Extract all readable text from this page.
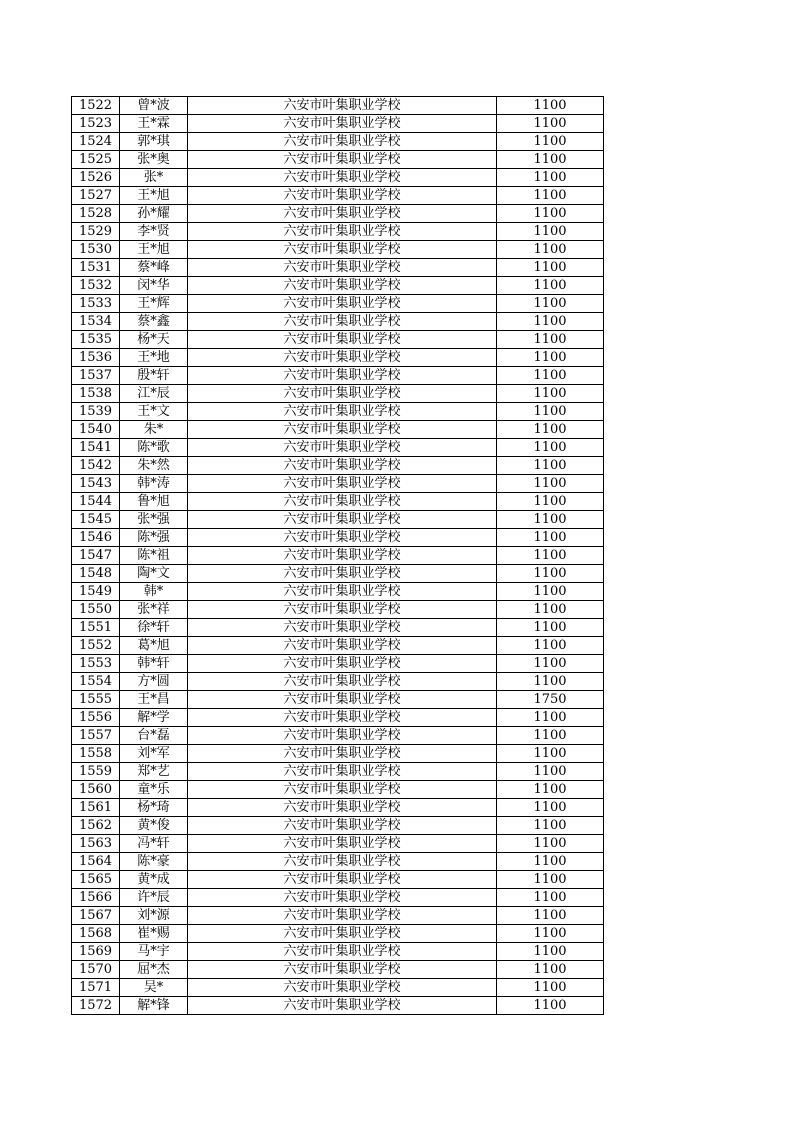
1522	曾*波	六安市叶集职业学校	1100
1523	王*霖	六安市叶集职业学校	1100
1524	郭*琪	六安市叶集职业学校	1100
1525	张*奥	六安市叶集职业学校	1100
1526	张*	六安市叶集职业学校	1100
1527	王*旭	六安市叶集职业学校	1100
1528	孙*耀	六安市叶集职业学校	1100
1529	李*贤	六安市叶集职业学校	1100
1530	王*旭	六安市叶集职业学校	1100
1531	蔡*峰	六安市叶集职业学校	1100
1532	闵*华	六安市叶集职业学校	1100
1533	王*辉	六安市叶集职业学校	1100
1534	蔡*鑫	六安市叶集职业学校	1100
1535	杨*天	六安市叶集职业学校	1100
1536	王*地	六安市叶集职业学校	1100
1537	殷*轩	六安市叶集职业学校	1100
1538	江*辰	六安市叶集职业学校	1100
1539	王*文	六安市叶集职业学校	1100
1540	朱*	六安市叶集职业学校	1100
1541	陈*歌	六安市叶集职业学校	1100
1542	朱*然	六安市叶集职业学校	1100
1543	韩*涛	六安市叶集职业学校	1100
1544	鲁*旭	六安市叶集职业学校	1100
1545	张*强	六安市叶集职业学校	1100
1546	陈*强	六安市叶集职业学校	1100
1547	陈*祖	六安市叶集职业学校	1100
1548	陶*文	六安市叶集职业学校	1100
1549	韩*	六安市叶集职业学校	1100
1550	张*祥	六安市叶集职业学校	1100
1551	徐*轩	六安市叶集职业学校	1100
1552	葛*旭	六安市叶集职业学校	1100
1553	韩*轩	六安市叶集职业学校	1100
1554	方*圆	六安市叶集职业学校	1100
1555	王*昌	六安市叶集职业学校	1750
1556	解*学	六安市叶集职业学校	1100
1557	台*磊	六安市叶集职业学校	1100
1558	刘*军	六安市叶集职业学校	1100
1559	郑*艺	六安市叶集职业学校	1100
1560	童*乐	六安市叶集职业学校	1100
1561	杨*琦	六安市叶集职业学校	1100
1562	黄*俊	六安市叶集职业学校	1100
1563	冯*轩	六安市叶集职业学校	1100
1564	陈*豪	六安市叶集职业学校	1100
1565	黄*成	六安市叶集职业学校	1100
1566	许*辰	六安市叶集职业学校	1100
1567	刘*源	六安市叶集职业学校	1100
1568	崔*赐	六安市叶集职业学校	1100
1569	马*宇	六安市叶集职业学校	1100
1570	屈*杰	六安市叶集职业学校	1100
1571	吴*	六安市叶集职业学校	1100
1572	解*锋	六安市叶集职业学校	1100
